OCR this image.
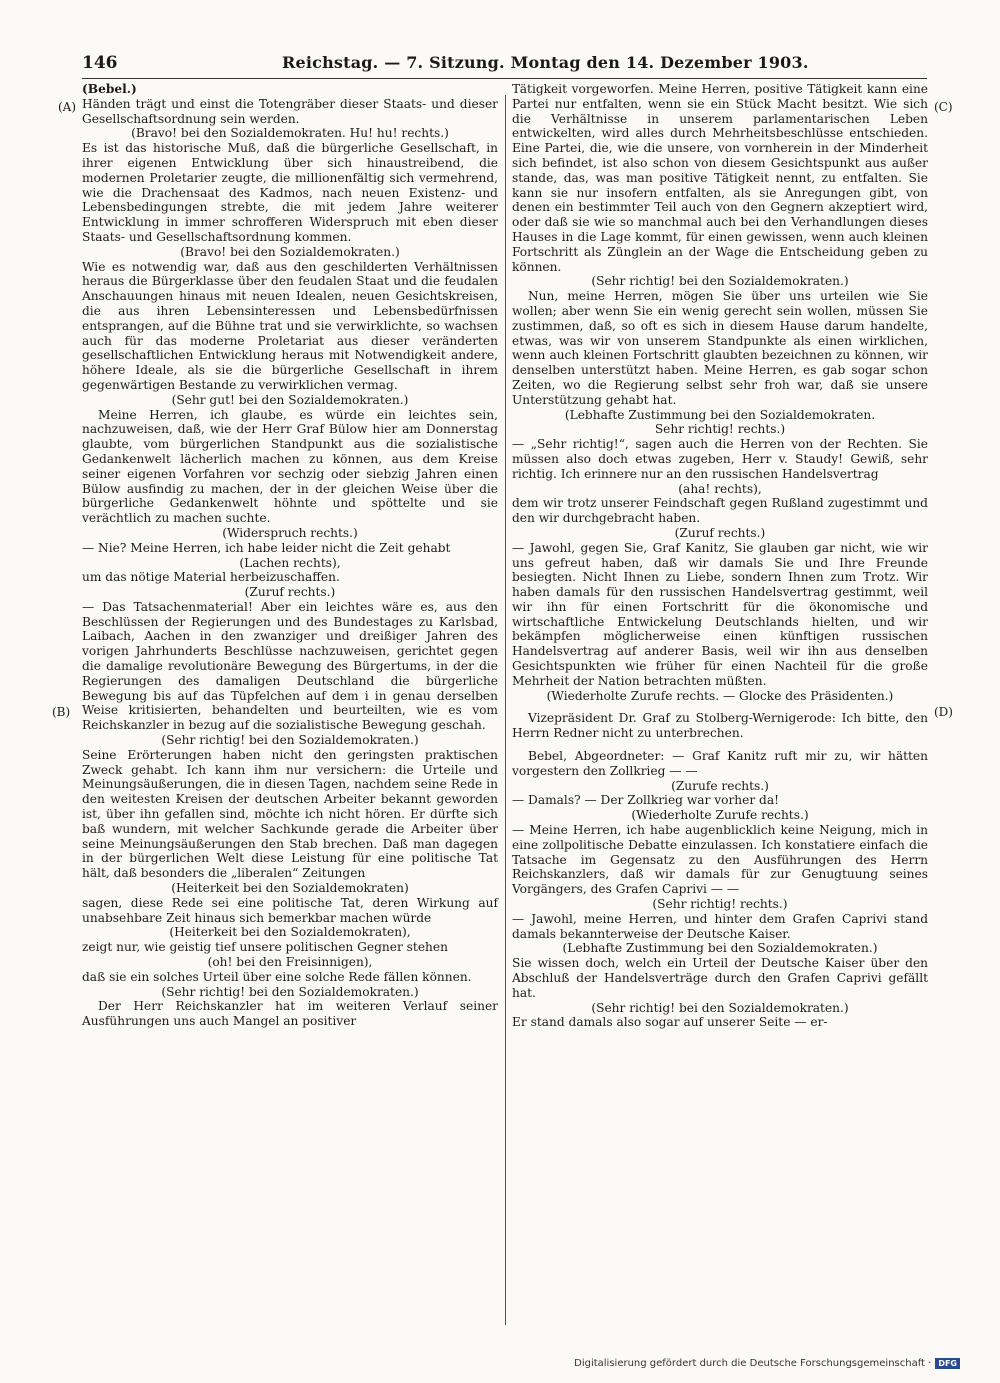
146	Reichstag. — 7. Sitzung. Montag den 14. Dezember 1903.

(Bebel.)

Händen trägt und einst die Totengräber dieser Staats- und dieser Gesellschaftsordnung sein werden.

(Bravo! bei den Sozialdemokraten. Hu! hu! rechts.)

Es ist das historische Muß, daß die bürgerliche Gesellschaft, in ihrer eigenen Entwicklung über sich hinaustreibend, die modernen Proletarier zeugte, die millionenfältig sich vermehrend, wie die Drachensaat des Kadmos, nach neuen Existenz- und Lebensbedingungen strebte, die mit jedem Jahre weiterer Entwicklung in immer schrofferen Widerspruch mit eben dieser Staats- und Gesellschaftsordnung kommen.

(Bravo! bei den Sozialdemokraten.)

Wie es notwendig war, daß aus den geschilderten Verhältnissen heraus die Bürgerklasse über den feudalen Staat und die feudalen Anschauungen hinaus mit neuen Idealen, neuen Gesichtskreisen, die aus ihren Lebensinteressen und Lebensbedürfnissen entsprangen, auf die Bühne trat und sie verwirklichte, so wachsen auch für das moderne Proletariat aus dieser veränderten gesellschaftlichen Entwicklung heraus mit Notwendigkeit andere, höhere Ideale, als sie die bürgerliche Gesellschaft in ihrem gegenwärtigen Bestande zu verwirklichen vermag.

(Sehr gut! bei den Sozialdemokraten.)

Meine Herren, ich glaube, es würde ein leichtes sein, nachzuweisen, daß, wie der Herr Graf Bülow hier am Donnerstag glaubte, vom bürgerlichen Standpunkt aus die sozialistische Gedankenwelt lächerlich machen zu können, aus dem Kreise seiner eigenen Vorfahren vor sechzig oder siebzig Jahren einen Bülow ausfindig zu machen, der in der gleichen Weise über die bürgerliche Gedankenwelt höhnte und spöttelte und sie verächtlich zu machen suchte.

(Widerspruch rechts.)

— Nie? Meine Herren, ich habe leider nicht die Zeit gehabt

(Lachen rechts),

um das nötige Material herbeizuschaffen.

(Zuruf rechts.)

— Das Tatsachenmaterial! Aber ein leichtes wäre es, aus den Beschlüssen der Regierungen und des Bundestages zu Karlsbad, Laibach, Aachen in den zwanziger und dreißiger Jahren des vorigen Jahrhunderts Beschlüsse nachzuweisen, gerichtet gegen die damalige revolutionäre Bewegung des Bürgertums, in der die Regierungen des damaligen Deutschland die bürgerliche Bewegung bis auf das Tüpfelchen auf dem i in genau derselben Weise kritisierten, behandelten und beurteilten, wie es vom Reichskanzler in bezug auf die sozialistische Bewegung geschah.

(Sehr richtig! bei den Sozialdemokraten.)

Seine Erörterungen haben nicht den geringsten praktischen Zweck gehabt. Ich kann ihm nur versichern: die Urteile und Meinungsäußerungen, die in diesen Tagen, nachdem seine Rede in den weitesten Kreisen der deutschen Arbeiter bekannt geworden ist, über ihn gefallen sind, möchte ich nicht hören. Er dürfte sich baß wundern, mit welcher Sachkunde gerade die Arbeiter über seine Meinungsäußerungen den Stab brechen. Daß man dagegen in der bürgerlichen Welt diese Leistung für eine politische Tat hält, daß besonders die „liberalen“ Zeitungen

(Heiterkeit bei den Sozialdemokraten)

sagen, diese Rede sei eine politische Tat, deren Wirkung auf unabsehbare Zeit hinaus sich bemerkbar machen würde

(Heiterkeit bei den Sozialdemokraten),

zeigt nur, wie geistig tief unsere politischen Gegner stehen

(oh! bei den Freisinnigen),

daß sie ein solches Urteil über eine solche Rede fällen können.

(Sehr richtig! bei den Sozialdemokraten.)

Der Herr Reichskanzler hat im weiteren Verlauf seiner Ausführungen uns auch Mangel an positiver

Tätigkeit vorgeworfen. Meine Herren, positive Tätigkeit kann eine Partei nur entfalten, wenn sie ein Stück Macht besitzt. Wie sich die Verhältnisse in unserem parlamentarischen Leben entwickelten, wird alles durch Mehrheitsbeschlüsse entschieden. Eine Partei, die, wie die unsere, von vornherein in der Minderheit sich befindet, ist also schon von diesem Gesichtspunkt aus außer stande, das, was man positive Tätigkeit nennt, zu entfalten. Sie kann sie nur insofern entfalten, als sie Anregungen gibt, von denen ein bestimmter Teil auch von den Gegnern akzeptiert wird, oder daß sie wie so manchmal auch bei den Verhandlungen dieses Hauses in die Lage kommt, für einen gewissen, wenn auch kleinen Fortschritt als Zünglein an der Wage die Entscheidung geben zu können.

(Sehr richtig! bei den Sozialdemokraten.)

Nun, meine Herren, mögen Sie über uns urteilen wie Sie wollen; aber wenn Sie ein wenig gerecht sein wollen, müssen Sie zustimmen, daß, so oft es sich in diesem Hause darum handelte, etwas, was wir von unserem Standpunkte als einen wirklichen, wenn auch kleinen Fortschritt glaubten bezeichnen zu können, wir denselben unterstützt haben. Meine Herren, es gab sogar schon Zeiten, wo die Regierung selbst sehr froh war, daß sie unsere Unterstützung gehabt hat.

(Lebhafte Zustimmung bei den Sozialdemokraten.

Sehr richtig! rechts.)

— „Sehr richtig!“, sagen auch die Herren von der Rechten. Sie müssen also doch etwas zugeben, Herr v. Staudy! Gewiß, sehr richtig. Ich erinnere nur an den russischen Handelsvertrag

(aha! rechts),

dem wir trotz unserer Feindschaft gegen Rußland zugestimmt und den wir durchgebracht haben.

(Zuruf rechts.)

— Jawohl, gegen Sie, Graf Kanitz, Sie glauben gar nicht, wie wir uns gefreut haben, daß wir damals Sie und Ihre Freunde besiegten. Nicht Ihnen zu Liebe, sondern Ihnen zum Trotz. Wir haben damals für den russischen Handelsvertrag gestimmt, weil wir ihn für einen Fortschritt für die ökonomische und wirtschaftliche Entwickelung Deutschlands hielten, und wir bekämpfen möglicherweise einen künftigen russischen Handelsvertrag auf anderer Basis, weil wir ihn aus denselben Gesichtspunkten wie früher für einen Nachteil für die große Mehrheit der Nation betrachten müßten.

(Wiederholte Zurufe rechts. — Glocke des Präsidenten.)

Vizepräsident Dr. Graf zu Stolberg-Wernigerode: Ich bitte, den Herrn Redner nicht zu unterbrechen.

Bebel, Abgeordneter: — Graf Kanitz ruft mir zu, wir hätten vorgestern den Zollkrieg — —

(Zurufe rechts.)

— Damals? — Der Zollkrieg war vorher da!

(Wiederholte Zurufe rechts.)

— Meine Herren, ich habe augenblicklich keine Neigung, mich in eine zollpolitische Debatte einzulassen. Ich konstatiere einfach die Tatsache im Gegensatz zu den Ausführungen des Herrn Reichskanzlers, daß wir damals für zur Genugtuung seines Vorgängers, des Grafen Caprivi — —

(Sehr richtig! rechts.)

— Jawohl, meine Herren, und hinter dem Grafen Caprivi stand damals bekannterweise der Deutsche Kaiser.

(Lebhafte Zustimmung bei den Sozialdemokraten.)

Sie wissen doch, welch ein Urteil der Deutsche Kaiser über den Abschluß der Handelsverträge durch den Grafen Caprivi gefällt hat.

(Sehr richtig! bei den Sozialdemokraten.)

Er stand damals also sogar auf unserer Seite — er-

(A)
(B)
(C)
(D)
Digitalisierung gefördert durch die Deutsche Forschungsgemeinschaft · DFG
